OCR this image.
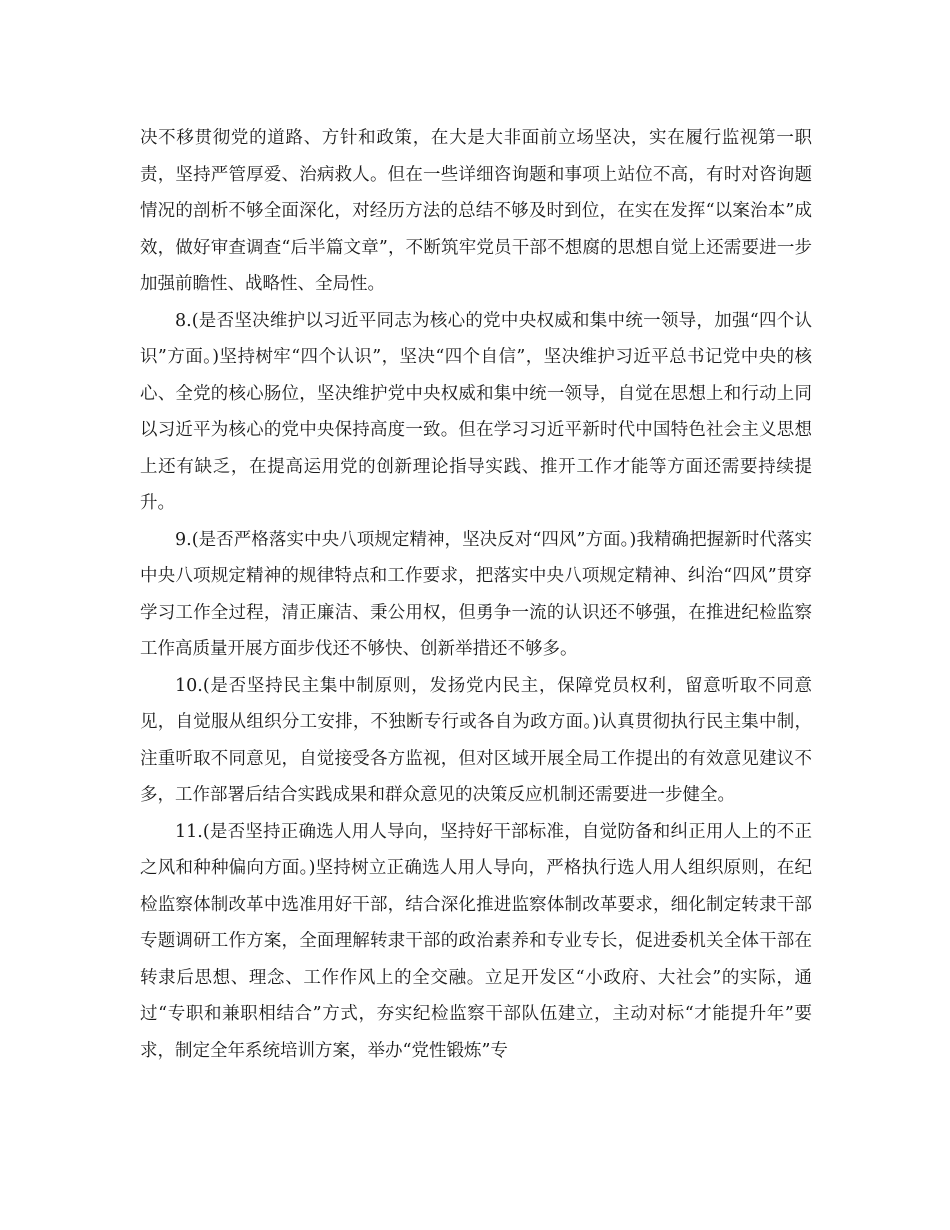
决不移贯彻党的道路、方针和政策，在大是大非面前立场坚决，实在履行监视第一职责，坚持严管厚爱、治病救人。但在一些详细咨询题和事项上站位不高，有时对咨询题情况的剖析不够全面深化，对经历方法的总结不够及时到位，在实在发挥“以案治本”成效，做好审查调查“后半篇文章”，不断筑牢党员干部不想腐的思想自觉上还需要进一步加强前瞻性、战略性、全局性。

8.(是否坚决维护以习近平同志为核心的党中央权威和集中统一领导，加强“四个认识”方面。)坚持树牢“四个认识”，坚决“四个自信”，坚决维护习近平总书记党中央的核心、全党的核心肠位，坚决维护党中央权威和集中统一领导，自觉在思想上和行动上同以习近平为核心的党中央保持高度一致。但在学习习近平新时代中国特色社会主义思想上还有缺乏，在提高运用党的创新理论指导实践、推开工作才能等方面还需要持续提升。

9.(是否严格落实中央八项规定精神，坚决反对“四风”方面。)我精确把握新时代落实中央八项规定精神的规律特点和工作要求，把落实中央八项规定精神、纠治“四风”贯穿学习工作全过程，清正廉洁、秉公用权，但勇争一流的认识还不够强，在推进纪检监察工作高质量开展方面步伐还不够快、创新举措还不够多。

10.(是否坚持民主集中制原则，发扬党内民主，保障党员权利，留意听取不同意见，自觉服从组织分工安排，不独断专行或各自为政方面。)认真贯彻执行民主集中制，注重听取不同意见，自觉接受各方监视，但对区域开展全局工作提出的有效意见建议不多，工作部署后结合实践成果和群众意见的决策反应机制还需要进一步健全。

11.(是否坚持正确选人用人导向，坚持好干部标准，自觉防备和纠正用人上的不正之风和种种偏向方面。)坚持树立正确选人用人导向，严格执行选人用人组织原则，在纪检监察体制改革中选准用好干部，结合深化推进监察体制改革要求，细化制定转隶干部专题调研工作方案，全面理解转隶干部的政治素养和专业专长，促进委机关全体干部在转隶后思想、理念、工作作风上的全交融。立足开发区“小政府、大社会”的实际，通过“专职和兼职相结合”方式，夯实纪检监察干部队伍建立，主动对标“才能提升年”要求，制定全年系统培训方案，举办“党性锻炼”专
